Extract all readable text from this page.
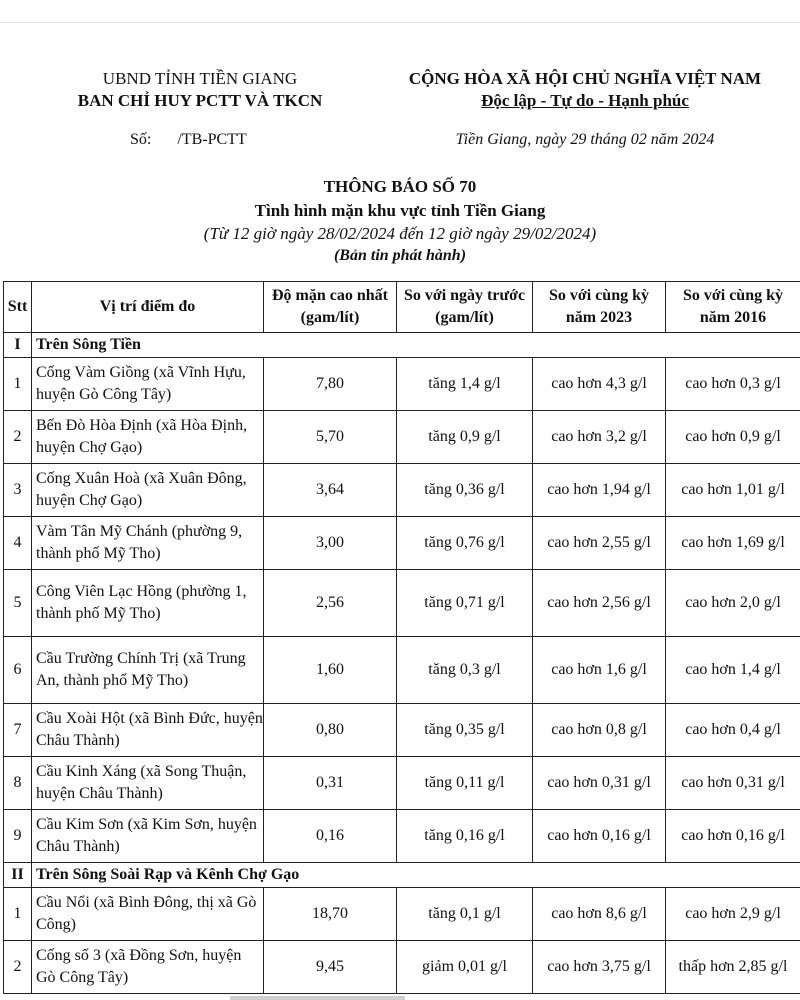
UBND TỈNH TIỀN GIANG
BAN CHỈ HUY PCTT VÀ TKCN
CỘNG HÒA XÃ HỘI CHỦ NGHĨA VIỆT NAM
Độc lập - Tự do - Hạnh phúc
Số: /TB-PCTT	Tiền Giang, ngày 29 tháng 02 năm 2024
THÔNG BÁO SỐ 70
Tình hình mặn khu vực tỉnh Tiền Giang
(Từ 12 giờ ngày 28/02/2024 đến 12 giờ ngày 29/02/2024)
(Bản tin phát hành)
Stt	Vị trí điểm đo	Độ mặn cao nhất (gam/lít)	So với ngày trước (gam/lít)	So với cùng kỳ năm 2023	So với cùng kỳ năm 2016
I	Trên Sông Tiền				
1	Cống Vàm Giồng (xã Vĩnh Hựu, huyện Gò Công Tây)	7,80	tăng 1,4 g/l	cao hơn 4,3 g/l	cao hơn 0,3 g/l
2	Bến Đò Hòa Định (xã Hòa Định, huyện Chợ Gạo)	5,70	tăng 0,9 g/l	cao hơn 3,2 g/l	cao hơn 0,9 g/l
3	Cống Xuân Hoà (xã Xuân Đông, huyện Chợ Gạo)	3,64	tăng 0,36 g/l	cao hơn 1,94 g/l	cao hơn 1,01 g/l
4	Vàm Tân Mỹ Chánh (phường 9, thành phố Mỹ Tho)	3,00	tăng 0,76 g/l	cao hơn 2,55 g/l	cao hơn 1,69 g/l
5	Công Viên Lạc Hồng (phường 1, thành phố Mỹ Tho)	2,56	tăng 0,71 g/l	cao hơn 2,56 g/l	cao hơn 2,0 g/l
6	Cầu Trường Chính Trị (xã Trung An, thành phố Mỹ Tho)	1,60	tăng 0,3 g/l	cao hơn 1,6 g/l	cao hơn 1,4 g/l
7	Cầu Xoài Hột (xã Bình Đức, huyện Châu Thành)	0,80	tăng 0,35 g/l	cao hơn 0,8 g/l	cao hơn 0,4 g/l
8	Cầu Kinh Xáng (xã Song Thuận, huyện Châu Thành)	0,31	tăng 0,11 g/l	cao hơn 0,31 g/l	cao hơn 0,31 g/l
9	Cầu Kim Sơn (xã Kim Sơn, huyện Châu Thành)	0,16	tăng 0,16 g/l	cao hơn 0,16 g/l	cao hơn 0,16 g/l
II	Trên Sông Soài Rạp và Kênh Chợ Gạo				
1	Cầu Nổi (xã Bình Đông, thị xã Gò Công)	18,70	tăng 0,1 g/l	cao hơn 8,6 g/l	cao hơn 2,9 g/l
2	Cống số 3 (xã Đồng Sơn, huyện Gò Công Tây)	9,45	giảm 0,01 g/l	cao hơn 3,75 g/l	thấp hơn 2,85 g/l
